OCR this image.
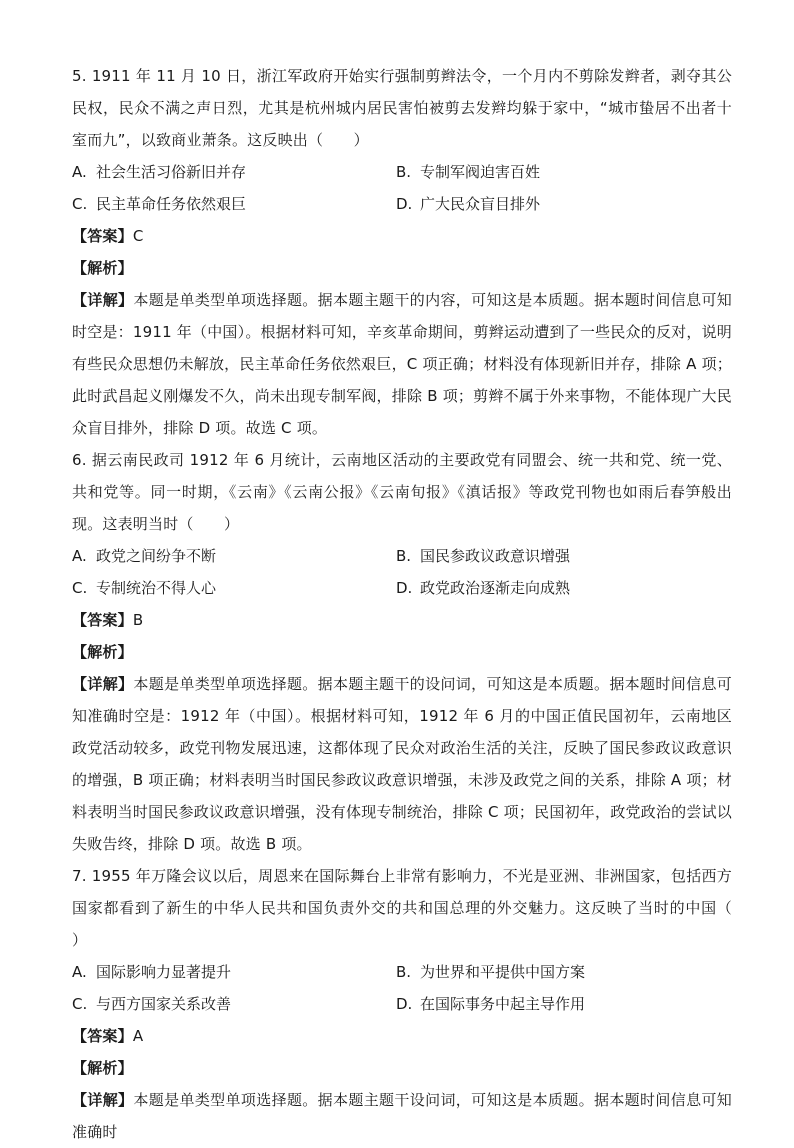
5. 1911 年 11 月 10 日，浙江军政府开始实行强制剪辫法令，一个月内不剪除发辫者，剥夺其公民权，民众不满之声日烈，尤其是杭州城内居民害怕被剪去发辫均躲于家中，“城市蛰居不出者十室而九”，以致商业萧条。这反映出（　　）

A. 社会生活习俗新旧并存	B. 专制军阀迫害百姓
C. 民主革命任务依然艰巨	D. 广大民众盲目排外

【答案】C

【解析】

【详解】本题是单类型单项选择题。据本题主题干的内容，可知这是本质题。据本题时间信息可知时空是：1911 年（中国）。根据材料可知，辛亥革命期间，剪辫运动遭到了一些民众的反对，说明有些民众思想仍未解放，民主革命任务依然艰巨，C 项正确；材料没有体现新旧并存，排除 A 项；此时武昌起义刚爆发不久，尚未出现专制军阀，排除 B 项；剪辫不属于外来事物，不能体现广大民众盲目排外，排除 D 项。故选 C 项。

6. 据云南民政司 1912 年 6 月统计，云南地区活动的主要政党有同盟会、统一共和党、统一党、共和党等。同一时期，《云南》《云南公报》《云南旬报》《滇话报》等政党刊物也如雨后春笋般出现。这表明当时（　　）

A. 政党之间纷争不断	B. 国民参政议政意识增强
C. 专制统治不得人心	D. 政党政治逐渐走向成熟

【答案】B

【解析】

【详解】本题是单类型单项选择题。据本题主题干的设问词，可知这是本质题。据本题时间信息可知准确时空是：1912 年（中国）。根据材料可知，1912 年 6 月的中国正值民国初年，云南地区政党活动较多，政党刊物发展迅速，这都体现了民众对政治生活的关注，反映了国民参政议政意识的增强，B 项正确；材料表明当时国民参政议政意识增强，未涉及政党之间的关系，排除 A 项；材料表明当时国民参政议政意识增强，没有体现专制统治，排除 C 项；民国初年，政党政治的尝试以失败告终，排除 D 项。故选 B 项。

7. 1955 年万隆会议以后，周恩来在国际舞台上非常有影响力，不光是亚洲、非洲国家，包括西方国家都看到了新生的中华人民共和国负责外交的共和国总理的外交魅力。这反映了当时的中国（　　）

A. 国际影响力显著提升	B. 为世界和平提供中国方案
C. 与西方国家关系改善	D. 在国际事务中起主导作用

【答案】A

【解析】

【详解】本题是单类型单项选择题。据本题主题干设问词，可知这是本质题。据本题时间信息可知准确时
